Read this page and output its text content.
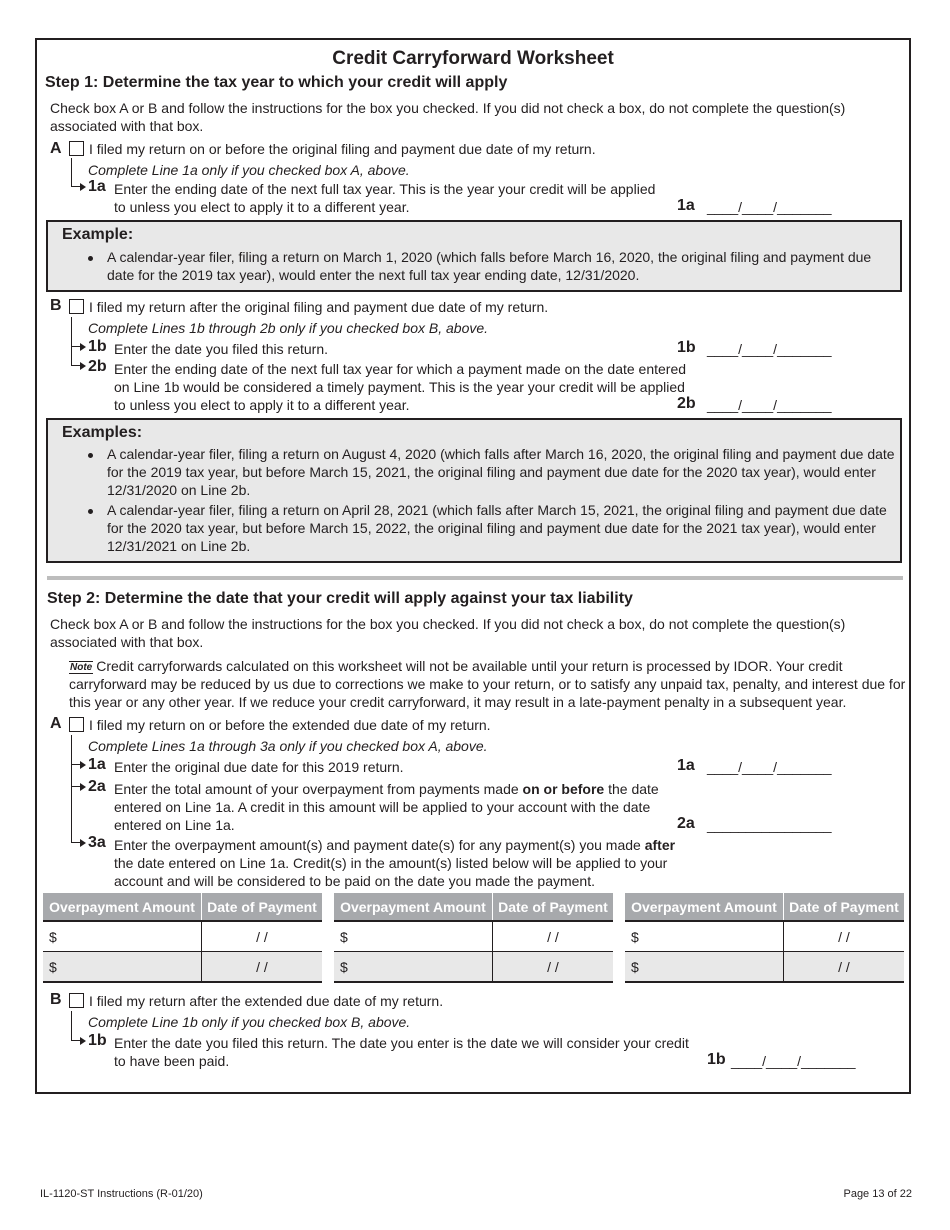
Credit Carryforward Worksheet
Step 1: Determine the tax year to which your credit will apply
Check box A or B and follow the instructions for the box you checked. If you did not check a box, do not complete the question(s)
associated with that box.
A I filed my return on or before the original filing and payment due date of my return.
Complete Line 1a only if you checked box A, above.
1a Enter the ending date of the next full tax year. This is the year your credit will be applied
to unless you elect to apply it to a different year.	1a ____/____/_______
Example:
A calendar-year filer, filing a return on March 1, 2020 (which falls before March 16, 2020, the original filing and payment due
date for the 2019 tax year), would enter the next full tax year ending date, 12/31/2020.
B I filed my return after the original filing and payment due date of my return.
Complete Lines 1b through 2b only if you checked box B, above.
1b Enter the date you filed this return.	1b ____/____/_______
2b Enter the ending date of the next full tax year for which a payment made on the date entered
on Line 1b would be considered a timely payment. This is the year your credit will be applied
to unless you elect to apply it to a different year.	2b ____/____/_______
Examples:
A calendar-year filer, filing a return on August 4, 2020 (which falls after March 16, 2020, the original filing and payment due date
for the 2019 tax year, but before March 15, 2021, the original filing and payment due date for the 2020 tax year), would enter
12/31/2020 on Line 2b.
A calendar-year filer, filing a return on April 28, 2021 (which falls after March 15, 2021, the original filing and payment due date
for the 2020 tax year, but before March 15, 2022, the original filing and payment due date for the 2021 tax year), would enter
12/31/2021 on Line 2b.
Step 2: Determine the date that your credit will apply against your tax liability
Check box A or B and follow the instructions for the box you checked. If you did not check a box, do not complete the question(s)
associated with that box.
Note Credit carryforwards calculated on this worksheet will not be available until your return is processed by IDOR. Your credit
carryforward may be reduced by us due to corrections we make to your return, or to satisfy any unpaid tax, penalty, and interest due for
this year or any other year. If we reduce your credit carryforward, it may result in a late-payment penalty in a subsequent year.
A I filed my return on or before the extended due date of my return.
Complete Lines 1a through 3a only if you checked box A, above.
1a Enter the original due date for this 2019 return.	1a ____/____/_______
2a Enter the total amount of your overpayment from payments made on or before the date
entered on Line 1a. A credit in this amount will be applied to your account with the date
entered on Line 1a.	2a ________________
3a Enter the overpayment amount(s) and payment date(s) for any payment(s) you made after
the date entered on Line 1a. Credit(s) in the amount(s) listed below will be applied to your
account and will be considered to be paid on the date you made the payment.
Overpayment Amount	Date of Payment		Overpayment Amount	Date of Payment		Overpayment Amount	Date of Payment
$	/ /		$	/ /		$	/ /
$	/ /		$	/ /		$	/ /
B I filed my return after the extended due date of my return.
Complete Line 1b only if you checked box B, above.
1b Enter the date you filed this return. The date you enter is the date we will consider your credit
to have been paid.	1b ____/____/_______
IL-1120-ST Instructions (R-01/20)	Page 13 of 22
